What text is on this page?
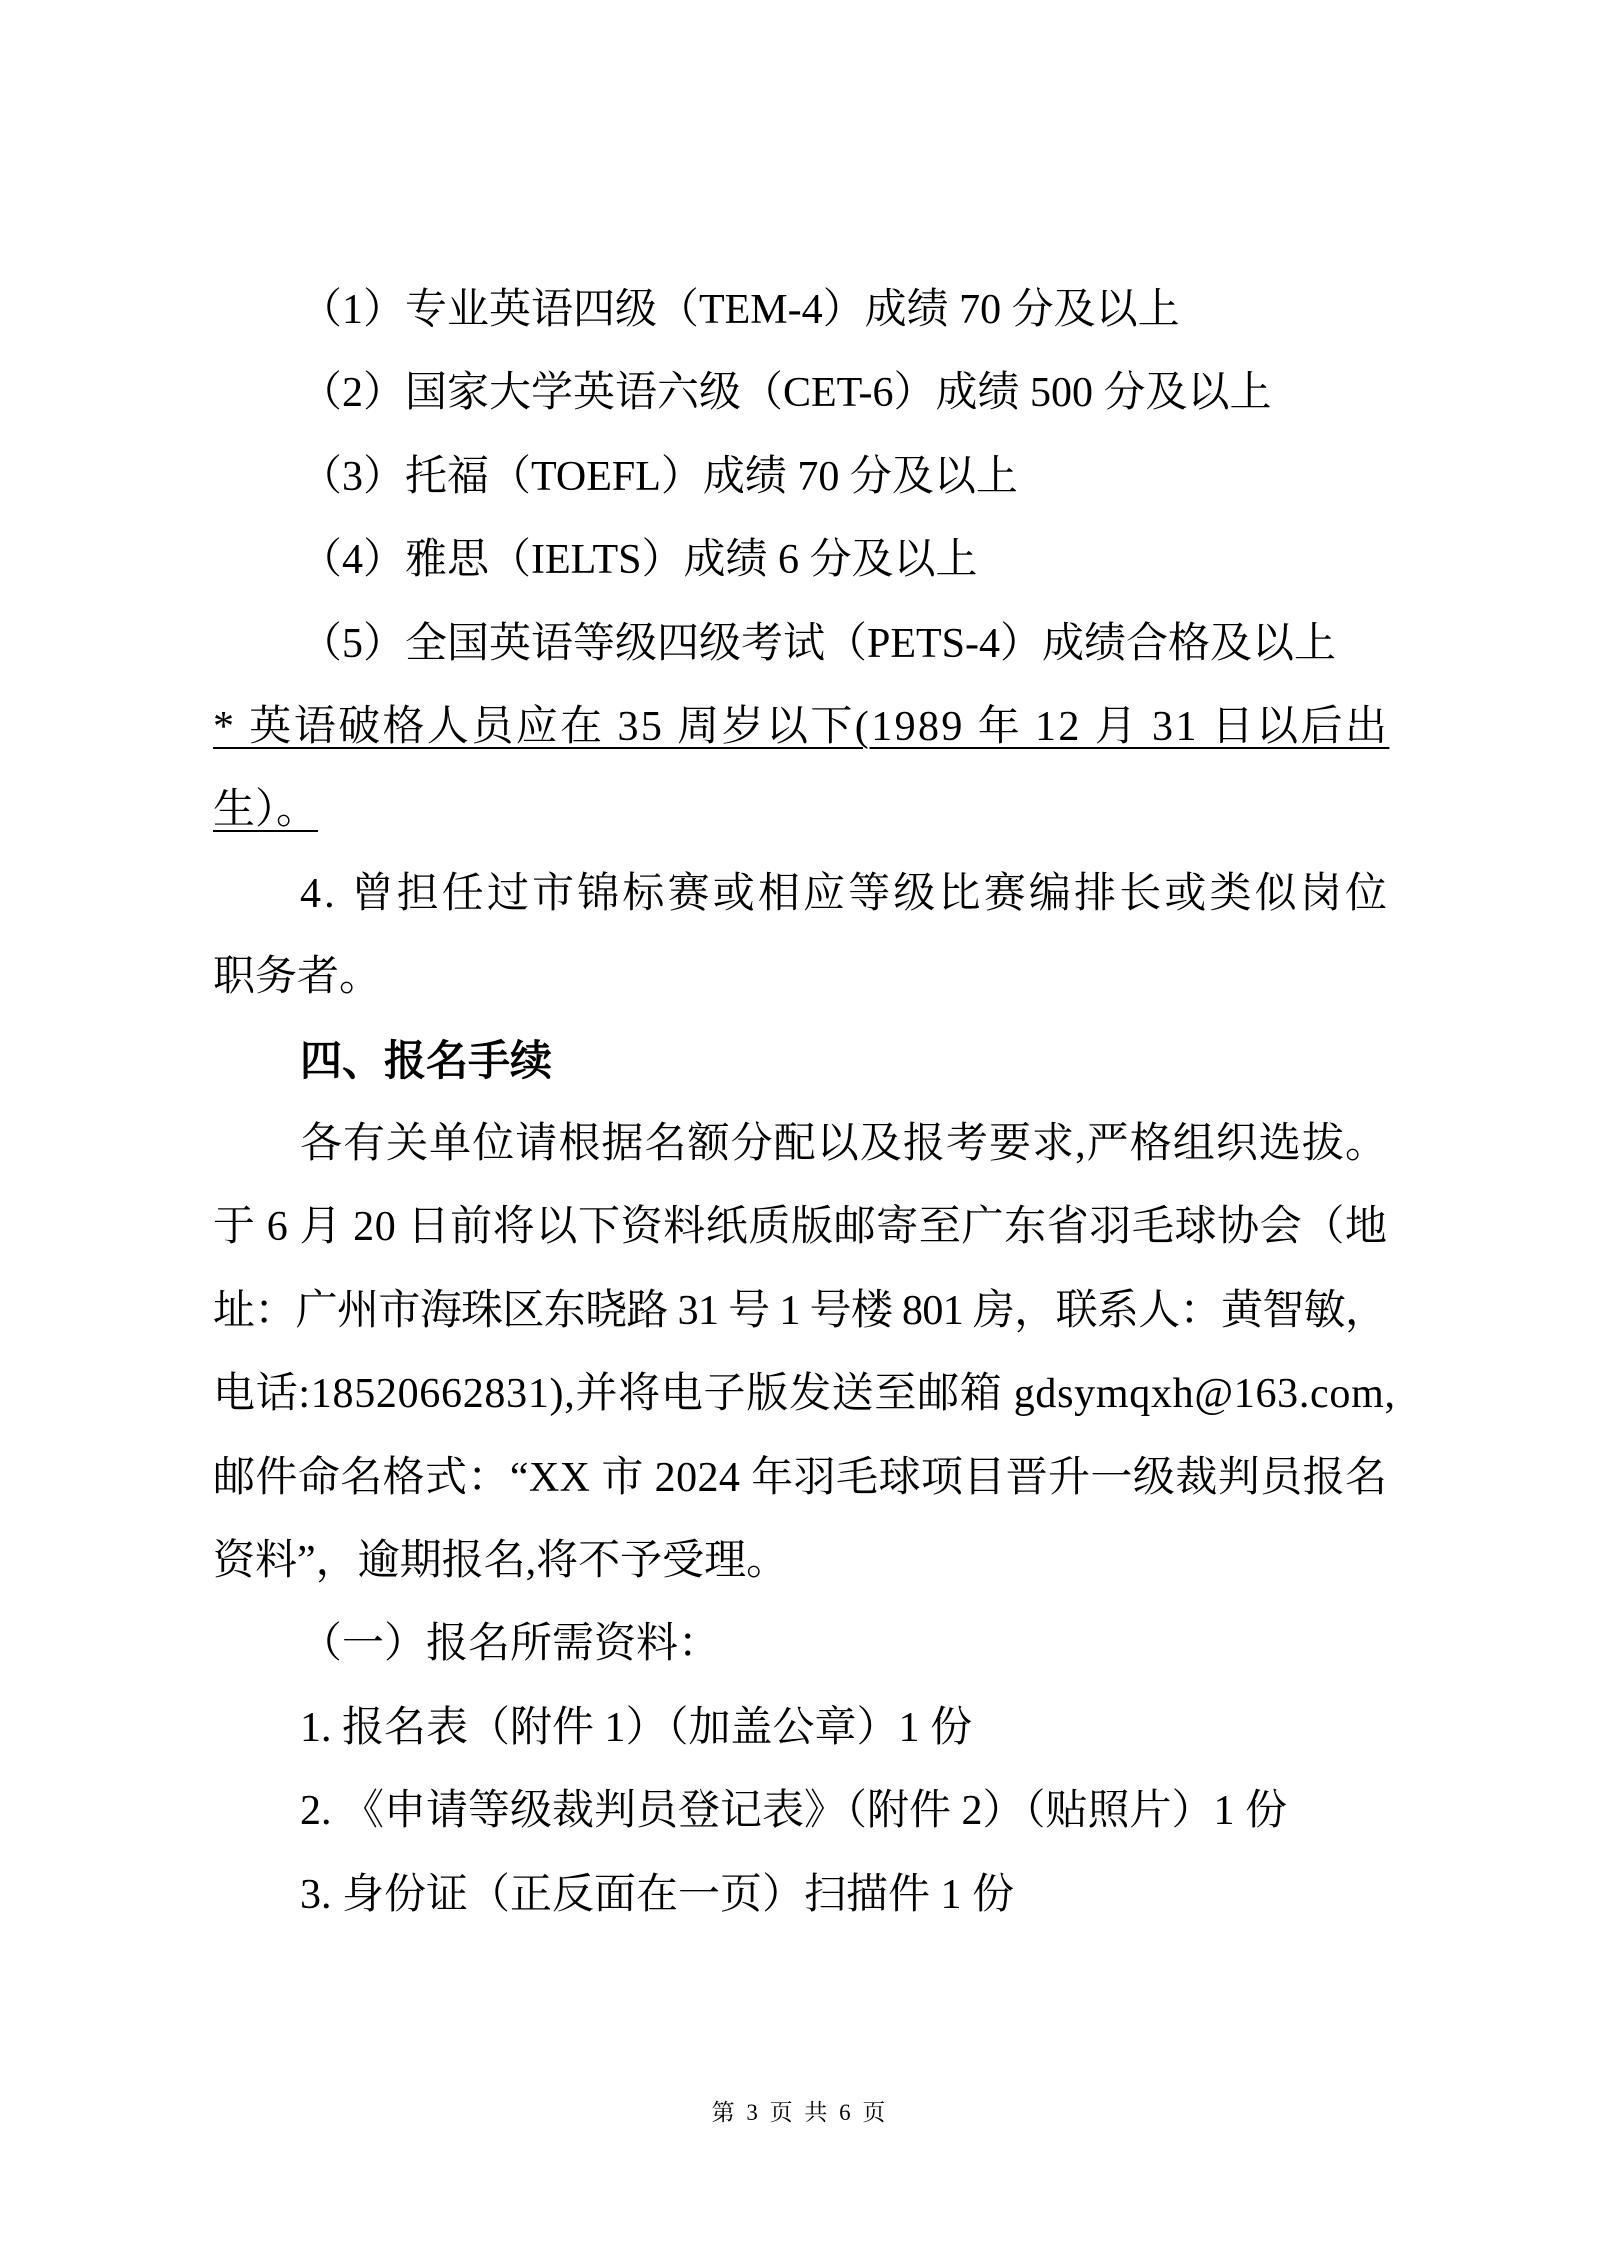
（1）专业英语四级（TEM-4）成绩 70 分及以上
（2）国家大学英语六级（CET-6）成绩 500 分及以上
（3）托福（TOEFL）成绩 70 分及以上
（4）雅思（IELTS）成绩 6 分及以上
（5）全国英语等级四级考试（PETS-4）成绩合格及以上
* 英语破格人员应在 35 周岁以下(1989 年 12 月 31 日以后出
生）。
4. 曾担任过市锦标赛或相应等级比赛编排长或类似岗位
职务者。
四、报名手续
各有关单位请根据名额分配以及报考要求,严格组织选拔。
于 6 月 20 日前将以下资料纸质版邮寄至广东省羽毛球协会（地
址：广州市海珠区东晓路 31 号 1 号楼 801 房，联系人：黄智敏，
电话:18520662831),并将电子版发送至邮箱 gdsymqxh@163.com,
邮件命名格式：“XX 市 2024 年羽毛球项目晋升一级裁判员报名
资料”，逾期报名,将不予受理。
（一）报名所需资料：
1. 报名表（附件 1）（加盖公章）1 份
2. 《申请等级裁判员登记表》（附件 2）（贴照片）1 份
3. 身份证（正反面在一页）扫描件 1 份
第 3 页 共 6 页
